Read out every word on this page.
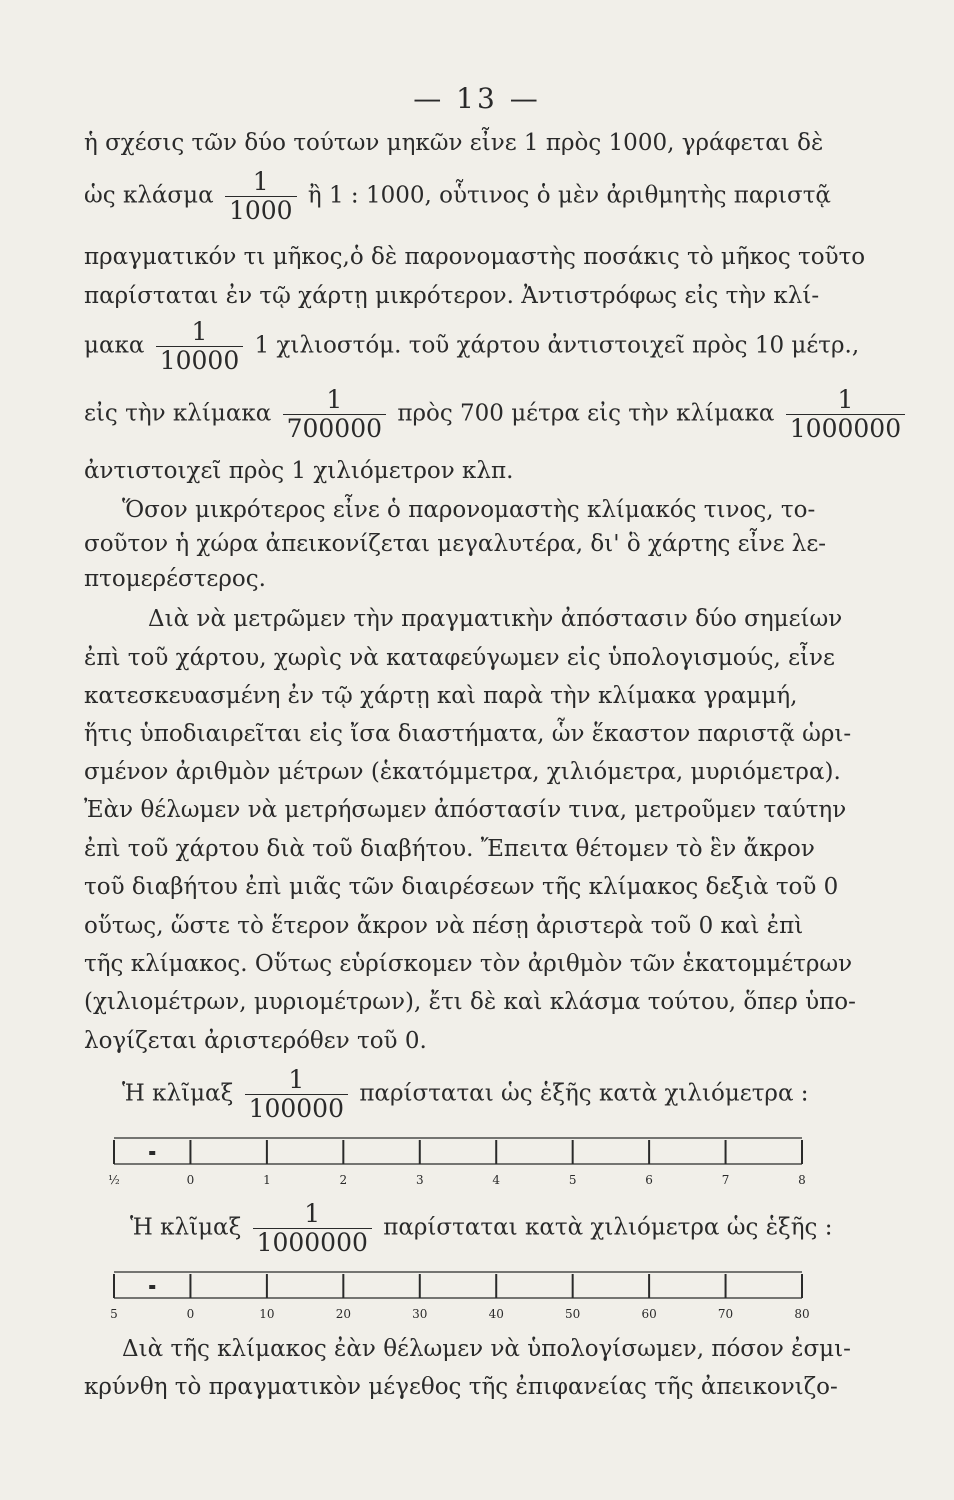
— 13 —
ἡ σχέσις τῶν δύο τούτων μηκῶν εἶνε 1 πρὸς 1000, γράφεται δὲ
ὡς κλάσμα $\frac{1}{1000}$ ἢ 1 : 1000, οὗτινος ὁ μὲν ἀριθμητὴς παριστᾷ
πραγματικόν τι μῆκος,ὁ δὲ παρονομαστὴς ποσάκις τὸ μῆκος τοῦτο
παρίσταται ἐν τῷ χάρτῃ μικρότερον. Ἀντιστρόφως εἰς τὴν κλί-
μακα $\frac{1}{10000} 1$ χιλιοστόμ. τοῦ χάρτου ἀντιστοιχεῖ πρὸς 10 μέτρ.,
εἰς τὴν κλίμακα $\frac{1}{700000}$ πρὸς 700 μέτρα εἰς τὴν κλίμακα $\frac{1}{1000000}$
ἀντιστοιχεῖ πρὸς 1 χιλιόμετρον κλπ.
Ὅσον μικρότερος εἶνε ὁ παρονομαστὴς κλίμακός τινος, το-
σοῦτον ἡ χώρα ἀπεικονίζεται μεγαλυτέρα, δι' ὃ χάρτης εἶνε λε-
πτομερέστερος.
Διὰ νὰ μετρῶμεν τὴν πραγματικὴν ἀπόστασιν δύο σημείων
ἐπὶ τοῦ χάρτου, χωρὶς νὰ καταφεύγωμεν εἰς ὑπολογισμούς, εἶνε
κατεσκευασμένη ἐν τῷ χάρτῃ καὶ παρὰ τὴν κλίμακα γραμμή,
ἥτις ὑποδιαιρεῖται εἰς ἴσα διαστήματα, ὧν ἕκαστον παριστᾷ ὡρι-
σμένον ἀριθμὸν μέτρων (ἑκατόμμετρα, χιλιόμετρα, μυριόμετρα).
Ἐὰν θέλωμεν νὰ μετρήσωμεν ἀπόστασίν τινα, μετροῦμεν ταύτην
ἐπὶ τοῦ χάρτου διὰ τοῦ διαβήτου. Ἔπειτα θέτομεν τὸ ἓν ἄκρον
τοῦ διαβήτου ἐπὶ μιᾶς τῶν διαιρέσεων τῆς κλίμακος δεξιὰ τοῦ 0
οὕτως, ὥστε τὸ ἕτερον ἄκρον νὰ πέσῃ ἀριστερὰ τοῦ 0 καὶ ἐπὶ
τῆς κλίμακος. Οὕτως εὑρίσκομεν τὸν ἀριθμὸν τῶν ἑκατομμέτρων
(χιλιομέτρων, μυριομέτρων), ἔτι δὲ καὶ κλάσμα τούτου, ὅπερ ὑπο-
λογίζεται ἀριστερόθεν τοῦ 0.
Ἡ κλῖμαξ $\frac{1}{100000}$ παρίσταται ὡς ἑξῆς κατὰ χιλιόμετρα :
½	0	1	2	3	4	5	6	7	8
Ἡ κλῖμαξ $\frac{1}{1000000}$ παρίσταται κατὰ χιλιόμετρα ὡς ἑξῆς :
5	0	10	20	30	40	50	60	70	80
Διὰ τῆς κλίμακος ἐὰν θέλωμεν νὰ ὑπολογίσωμεν, πόσον ἐσμι-
κρύνθη τὸ πραγματικὸν μέγεθος τῆς ἐπιφανείας τῆς ἀπεικονιζο-
